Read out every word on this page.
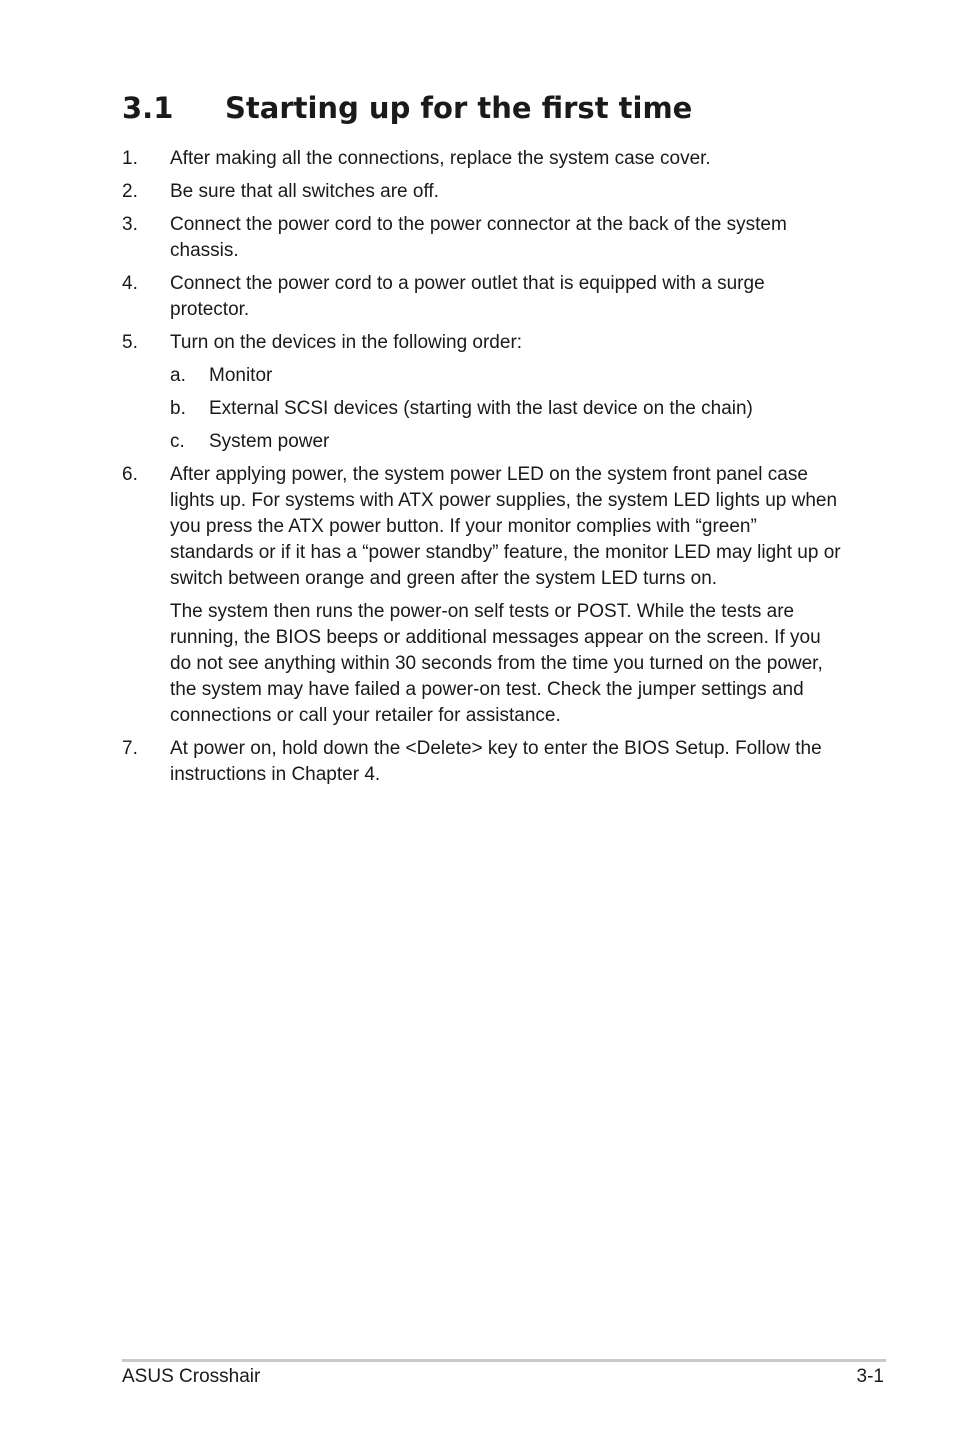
3.1 Starting up for the first time
1. After making all the connections, replace the system case cover.
2. Be sure that all switches are off.
3. Connect the power cord to the power connector at the back of the system chassis.
4. Connect the power cord to a power outlet that is equipped with a surge protector.
5. Turn on the devices in the following order:
a. Monitor
b. External SCSI devices (starting with the last device on the chain)
c. System power
6. After applying power, the system power LED on the system front panel case lights up. For systems with ATX power supplies, the system LED lights up when you press the ATX power button. If your monitor complies with “green” standards or if it has a “power standby” feature, the monitor LED may light up or switch between orange and green after the system LED turns on.
The system then runs the power-on self tests or POST. While the tests are running, the BIOS beeps or additional messages appear on the screen. If you do not see anything within 30 seconds from the time you turned on the power, the system may have failed a power-on test. Check the jumper settings and connections or call your retailer for assistance.
7. At power on, hold down the <Delete> key to enter the BIOS Setup. Follow the instructions in Chapter 4.
ASUS Crosshair	3-1
